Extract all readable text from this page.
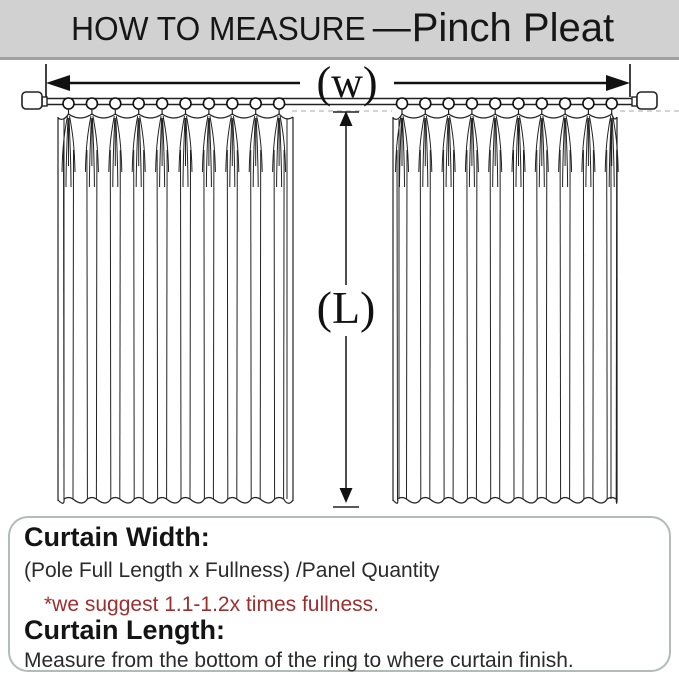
HOW TO MEASURE — Pinch Pleat
(w)
(L)
Curtain Width:
(Pole Full Length x Fullness) /Panel Quantity
*we suggest 1.1-1.2x times fullness.
Curtain Length:
Measure from the bottom of the ring to where curtain finish.
